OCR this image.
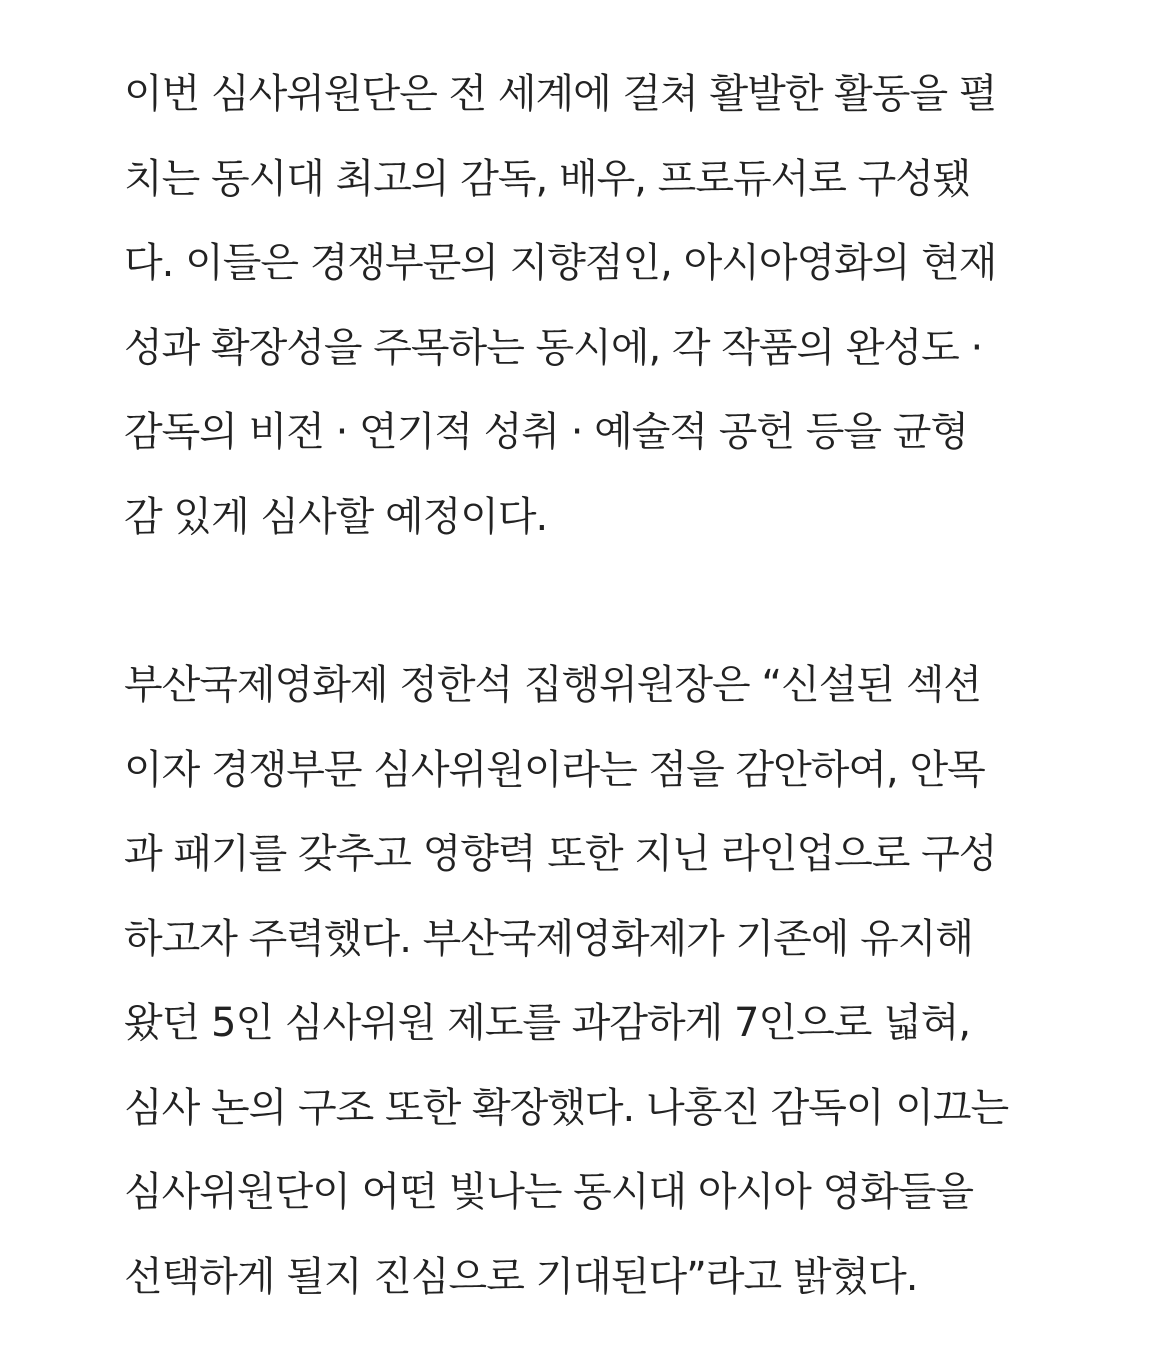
이번 심사위원단은 전 세계에 걸쳐 활발한 활동을 펼
치는 동시대 최고의 감독, 배우, 프로듀서로 구성됐
다. 이들은 경쟁부문의 지향점인, 아시아영화의 현재
성과 확장성을 주목하는 동시에, 각 작품의 완성도 ·
감독의 비전 · 연기적 성취 · 예술적 공헌 등을 균형
감 있게 심사할 예정이다.

부산국제영화제 정한석 집행위원장은 “신설된 섹션
이자 경쟁부문 심사위원이라는 점을 감안하여, 안목
과 패기를 갖추고 영향력 또한 지닌 라인업으로 구성
하고자 주력했다. 부산국제영화제가 기존에 유지해
왔던 5인 심사위원 제도를 과감하게 7인으로 넓혀,
심사 논의 구조 또한 확장했다. 나홍진 감독이 이끄는
심사위원단이 어떤 빛나는 동시대 아시아 영화들을
선택하게 될지 진심으로 기대된다”라고 밝혔다.
